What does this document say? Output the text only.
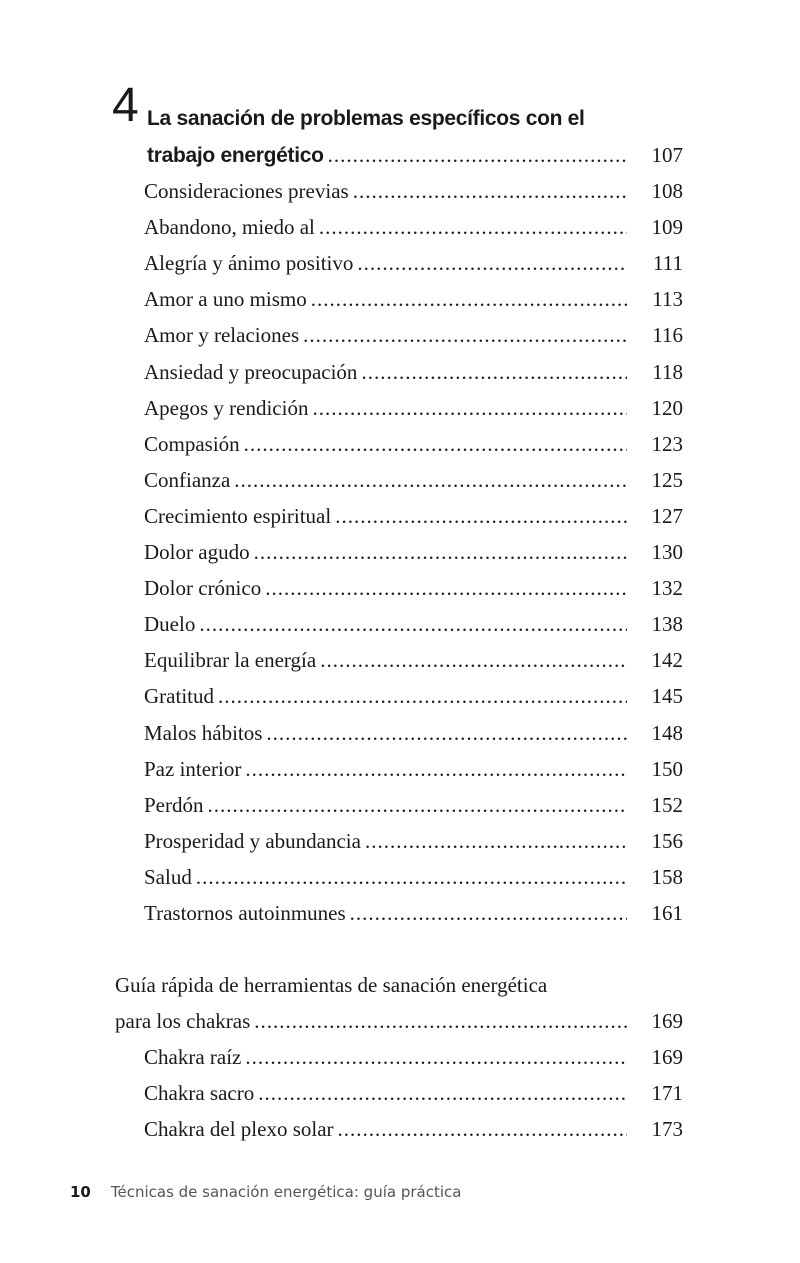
4 La sanación de problemas específicos con el
trabajo energético .....	107
Consideraciones previas .....	108
Abandono, miedo al .....	109
Alegría y ánimo positivo .....	111
Amor a uno mismo .....	113
Amor y relaciones .....	116
Ansiedad y preocupación .....	118
Apegos y rendición .....	120
Compasión .....	123
Confianza .....	125
Crecimiento espiritual .....	127
Dolor agudo .....	130
Dolor crónico .....	132
Duelo .....	138
Equilibrar la energía .....	142
Gratitud .....	145
Malos hábitos .....	148
Paz interior .....	150
Perdón .....	152
Prosperidad y abundancia .....	156
Salud .....	158
Trastornos autoinmunes .....	161
Guía rápida de herramientas de sanación energética
para los chakras .....	169
Chakra raíz .....	169
Chakra sacro .....	171
Chakra del plexo solar .....	173
10 Técnicas de sanación energética: guía práctica
